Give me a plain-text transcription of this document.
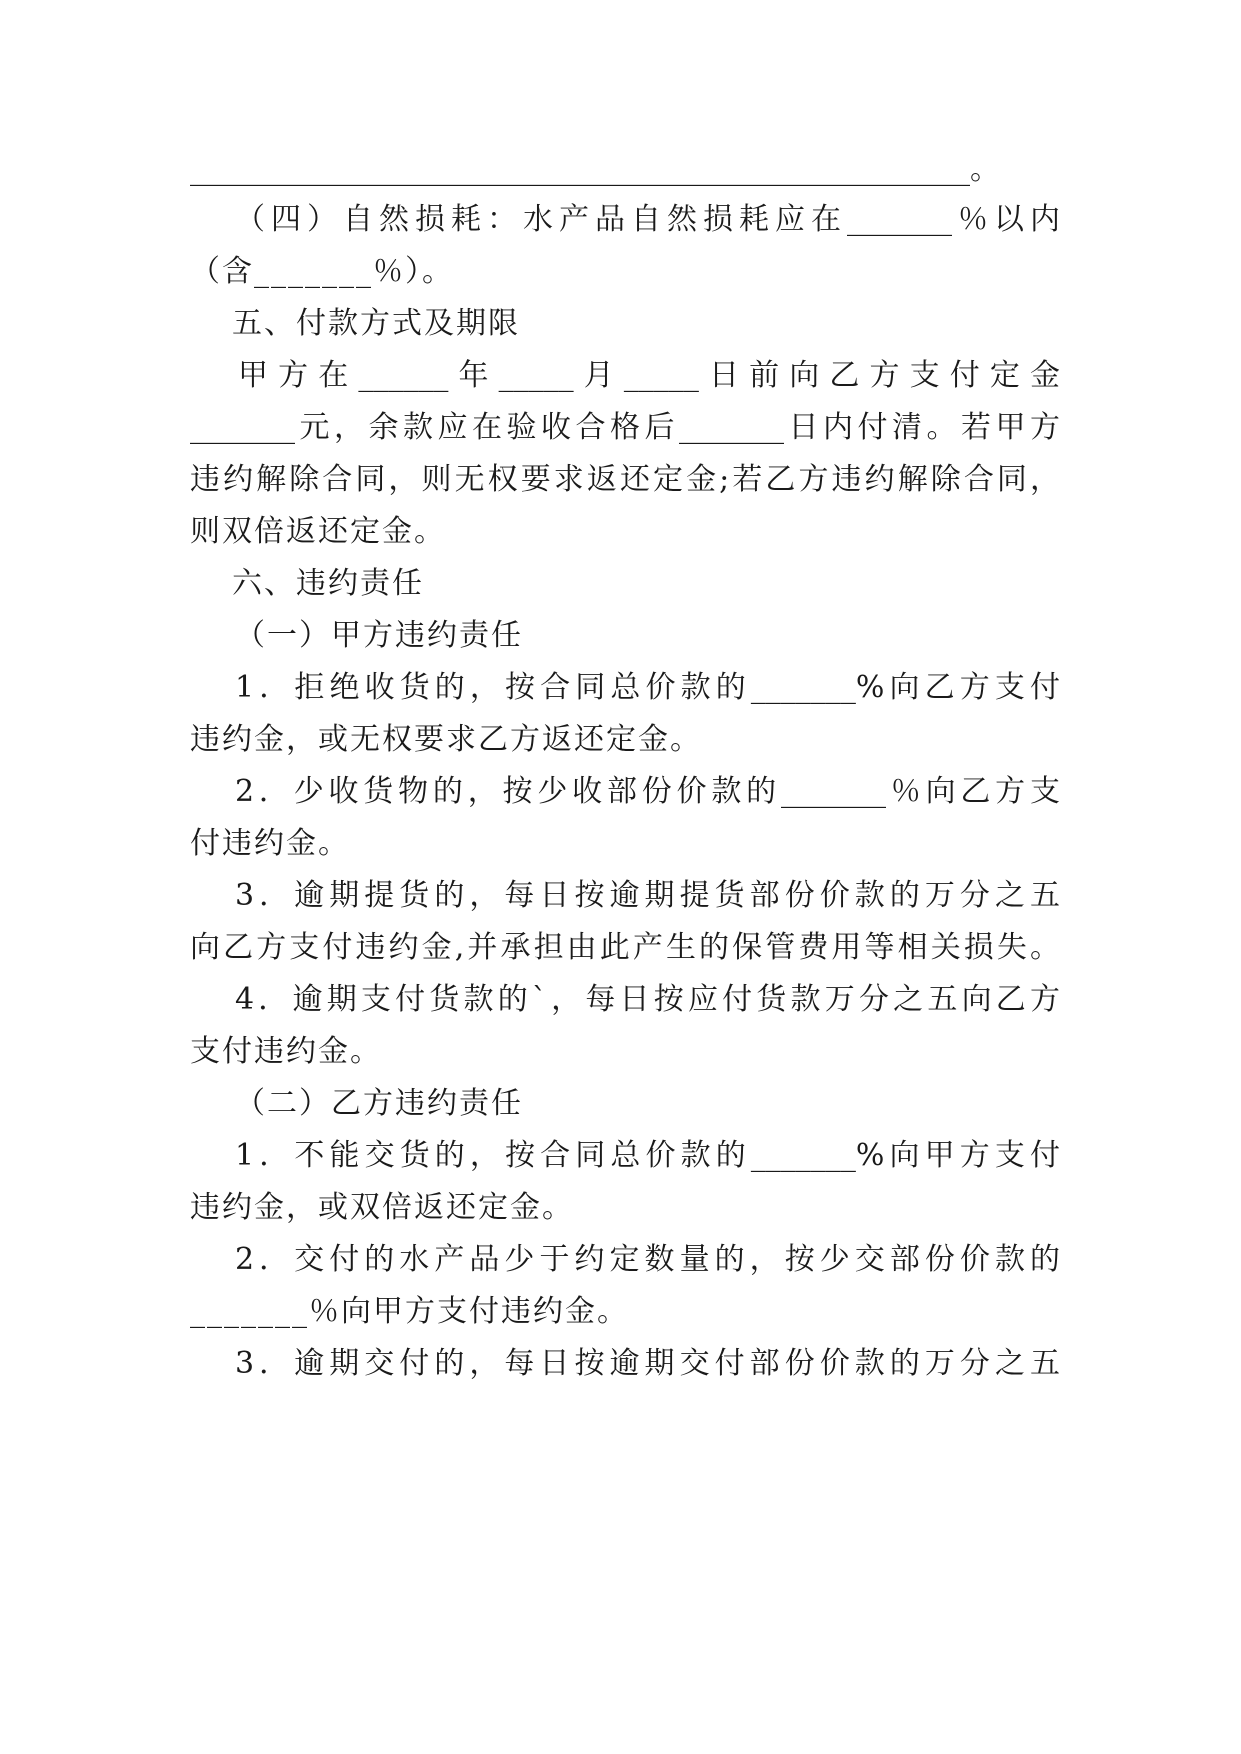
____________________________________________________。
（四）自然损耗：水产品自然损耗应在_______％以内
（含_______％）。
五、付款方式及期限
甲方在______年_____月_____日前向乙方支付定金
_______元，余款应在验收合格后_______日内付清。若甲方
违约解除合同，则无权要求返还定金;若乙方违约解除合同，
则双倍返还定金。
六、违约责任
（一）甲方违约责任
1．拒绝收货的，按合同总价款的_______%向乙方支付
违约金，或无权要求乙方返还定金。
2．少收货物的，按少收部份价款的_______％向乙方支
付违约金。
3．逾期提货的，每日按逾期提货部份价款的万分之五
向乙方支付违约金,并承担由此产生的保管费用等相关损失。
4．逾期支付货款的`，每日按应付货款万分之五向乙方
支付违约金。
（二）乙方违约责任
1．不能交货的，按合同总价款的_______%向甲方支付
违约金，或双倍返还定金。
2．交付的水产品少于约定数量的，按少交部份价款的
_______％向甲方支付违约金。
3．逾期交付的，每日按逾期交付部份价款的万分之五
